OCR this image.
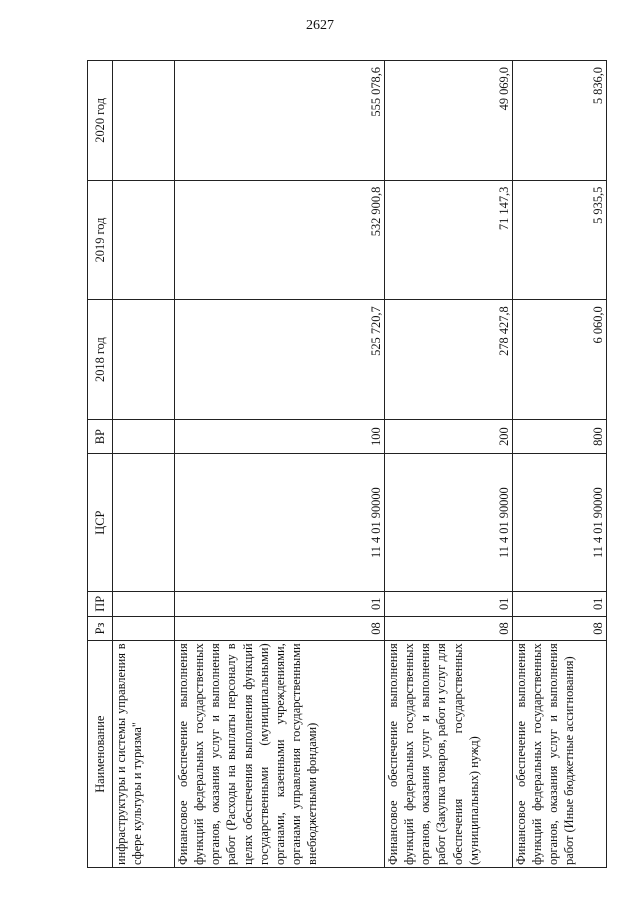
2627
Наименование	Рз	ПР	ЦСР	ВР	2018 год	2019 год	2020 год
инфраструктуры и системы управления в сфере культуры и туризма"							
Финансовое обеспечение выполнения функций федеральных государственных органов, оказания услуг и выполнения работ (Расходы на выплаты персоналу в целях обеспечения выполнения функций государственными (муниципальными) органами, казенными учреждениями, органами управления государственными внебюджетными фондами)	08	01	11 4 01 90000	100	525 720,7	532 900,8	555 078,6
Финансовое обеспечение выполнения функций федеральных государственных органов, оказания услуг и выполнения работ (Закупка товаров, работ и услуг для обеспечения государственных (муниципальных) нужд)	08	01	11 4 01 90000	200	278 427,8	71 147,3	49 069,0
Финансовое обеспечение выполнения функций федеральных государственных органов, оказания услуг и выполнения работ (Иные бюджетные ассигнования)	08	01	11 4 01 90000	800	6 060,0	5 935,5	5 836,0
